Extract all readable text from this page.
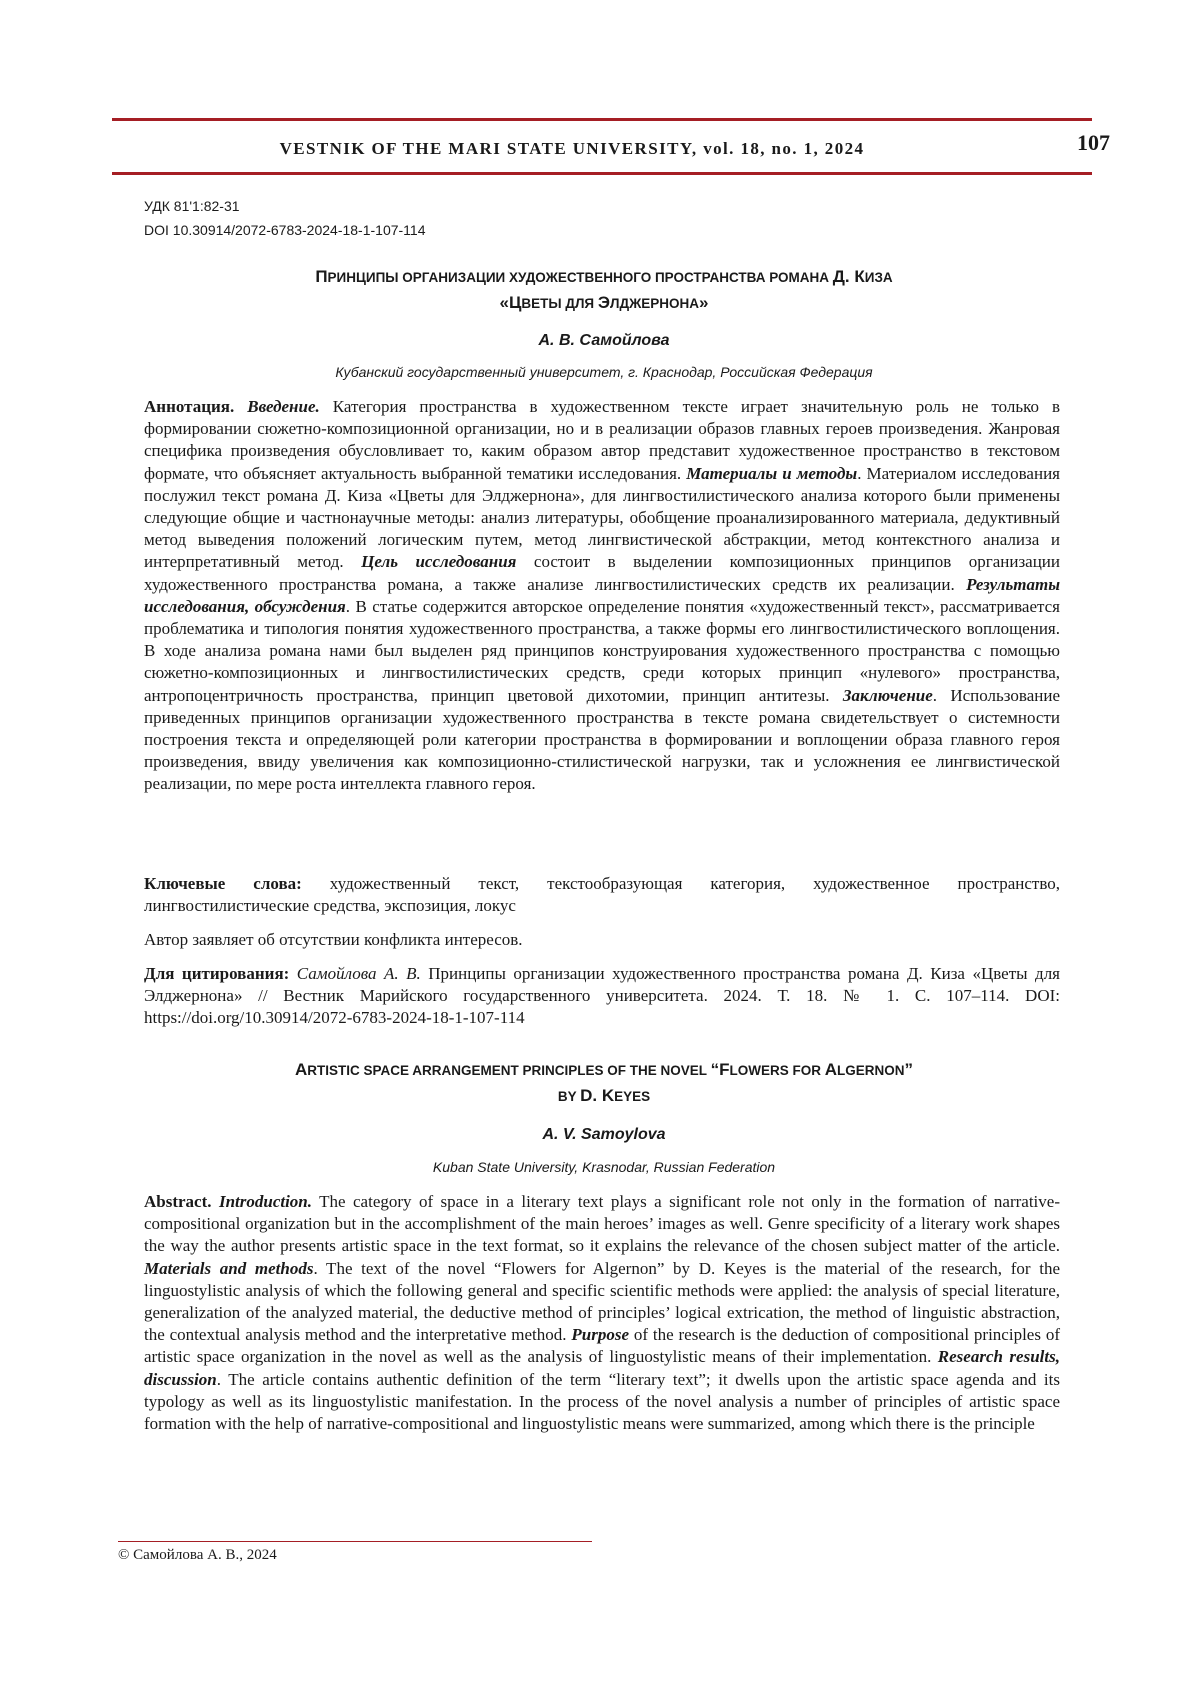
VESTNIK OF THE MARI STATE UNIVERSITY, vol. 18, no. 1, 2024	107
УДК 81'1:82-31
DOI 10.30914/2072-6783-2024-18-1-107-114
ПРИНЦИПЫ ОРГАНИЗАЦИИ ХУДОЖЕСТВЕННОГО ПРОСТРАНСТВА РОМАНА Д. КИЗА
«ЦВЕТЫ ДЛЯ ЭЛДЖЕРНОНА»
А. В. Самойлова
Кубанский государственный университет, г. Краснодар, Российская Федерация
Аннотация. Введение. Категория пространства в художественном тексте играет значительную роль не только в формировании сюжетно-композиционной организации, но и в реализации образов главных героев произведения. Жанровая специфика произведения обусловливает то, каким образом автор представит художественное пространство в текстовом формате, что объясняет актуальность выбранной тематики исследования. Материалы и методы. Материалом исследования послужил текст романа Д. Киза «Цветы для Элджернона», для лингвостилистического анализа которого были применены следующие общие и частнонаучные методы: анализ литературы, обобщение проанализированного материала, дедуктивный метод выведения положений логическим путем, метод лингвистической абстракции, метод контекстного анализа и интерпретативный метод. Цель исследования состоит в выделении композиционных принципов организации художественного пространства романа, а также анализе лингвостилистических средств их реализации. Результаты исследования, обсуждения. В статье содержится авторское определение понятия «художественный текст», рассматривается проблематика и типология понятия художественного пространства, а также формы его лингвостилистического воплощения. В ходе анализа романа нами был выделен ряд принципов конструирования художественного пространства с помощью сюжетно-композиционных и лингвостилистических средств, среди которых принцип «нулевого» пространства, антропоцентричность пространства, принцип цветовой дихотомии, принцип антитезы. Заключение. Использование приведенных принципов организации художественного пространства в тексте романа свидетельствует о системности построения текста и определяющей роли категории пространства в формировании и воплощении образа главного героя произведения, ввиду увеличения как композиционно-стилистической нагрузки, так и усложнения ее лингвистической реализации, по мере роста интеллекта главного героя.
Ключевые слова: художественный текст, текстообразующая категория, художественное пространство, лингвостилистические средства, экспозиция, локус
Автор заявляет об отсутствии конфликта интересов.
Для цитирования: Самойлова А. В. Принципы организации художественного пространства романа Д. Киза «Цветы для Элджернона» // Вестник Марийского государственного университета. 2024. Т. 18. № 1. С. 107–114. DOI: https://doi.org/10.30914/2072-6783-2024-18-1-107-114
ARTISTIC SPACE ARRANGEMENT PRINCIPLES OF THE NOVEL “FLOWERS FOR ALGERNON”
BY D. KEYES
A. V. Samoylova
Kuban State University, Krasnodar, Russian Federation
Abstract. Introduction. The category of space in a literary text plays a significant role not only in the formation of narrative-compositional organization but in the accomplishment of the main heroes’ images as well. Genre specificity of a literary work shapes the way the author presents artistic space in the text format, so it explains the relevance of the chosen subject matter of the article. Materials and methods. The text of the novel “Flowers for Algernon” by D. Keyes is the material of the research, for the linguostylistic analysis of which the following general and specific scientific methods were applied: the analysis of special literature, generalization of the analyzed material, the deductive method of principles’ logical extrication, the method of linguistic abstraction, the contextual analysis method and the interpretative method. Purpose of the research is the deduction of compositional principles of artistic space organization in the novel as well as the analysis of linguostylistic means of their implementation. Research results, discussion. The article contains authentic definition of the term “literary text”; it dwells upon the artistic space agenda and its typology as well as its linguostylistic manifestation. In the process of the novel analysis a number of principles of artistic space formation with the help of narrative-compositional and linguostylistic means were summarized, among which there is the principle
© Самойлова А. В., 2024
